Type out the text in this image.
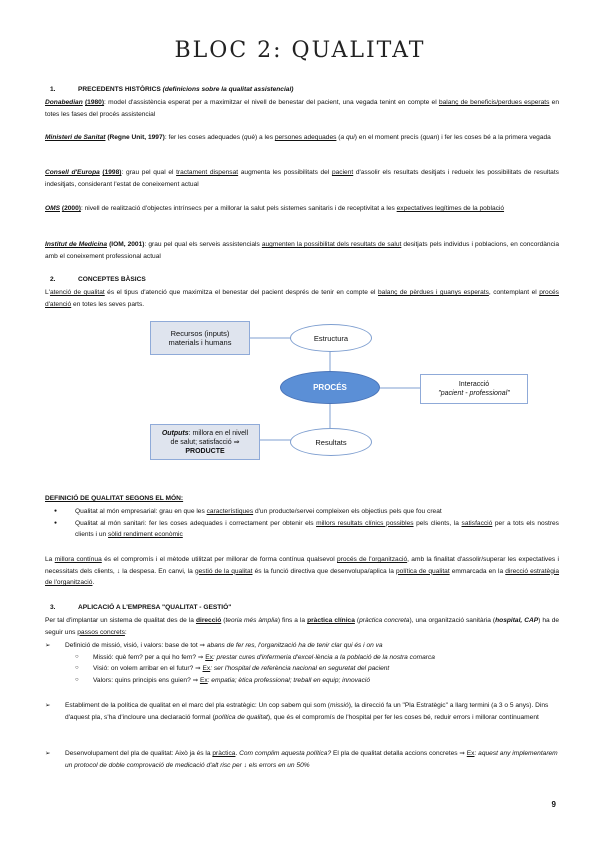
BLOC 2: QUALITAT
1.	PRECEDENTS HISTÒRICS (definicions sobre la qualitat assistencial)
Donabedian (1980): model d'assistència esperat per a maximitzar el nivell de benestar del pacient, una vegada tenint en compte el balanç de beneficis/perdues esperats en totes les fases del procés assistencial
Ministeri de Sanitat (Regne Unit, 1997): fer les coses adequades (què) a les persones adequades (a qui) en el moment precís (quan) i fer les coses bé a la primera vegada
Consell d'Europa (1998): grau pel qual el tractament dispensat augmenta les possibilitats del pacient d'assolir els resultats desitjats i redueix les possibilitats de resultats indesitjats, considerant l'estat de coneixement actual
OMS (2000): nivell de realització d'objectes intrínsecs per a millorar la salut pels sistemes sanitaris i de receptivitat a les expectatives legítimes de la població
Institut de Medicina (IOM, 2001): grau pel qual els serveis assistencials augmenten la possibilitat dels resultats de salut desitjats pels individus i poblacions, en concordància amb el coneixement professional actual
2.	CONCEPTES BÀSICS
L'atenció de qualitat és el tipus d'atenció que maximitza el benestar del pacient després de tenir en compte el balanç de pèrdues i guanys esperats, contemplant el procés d'atenció en totes les seves parts.
Recursos (inputs)
materials i humans	Estructura
PROCÉS	Interacció
"pacient - professional"
Outputs: millora en el nivell
de salut; satisfacció ⇒
PRODUCTE
Resultats
DEFINICIÓ DE QUALITAT SEGONS EL MÓN:
● Qualitat al món empresarial: grau en que les característiques d'un producte/servei compleixen els objectius pels que fou creat
● Qualitat al món sanitari: fer les coses adequades i correctament per obtenir els millors resultats clínics possibles pels clients, la satisfacció per a tots els nostres clients i un sòlid rendiment econòmic
La millora contínua és el compromís i el mètode utilitzat per millorar de forma contínua qualsevol procés de l'organització, amb la finalitat d'assolir/superar les expectatives i necessitats dels clients, ↓ la despesa. En canvi, la gestió de la qualitat és la funció directiva que desenvolupa/aplica la política de qualitat emmarcada en la direcció estratègia de l'organització.
3.	APLICACIÓ A L'EMPRESA "QUALITAT - GESTIÓ"
Per tal d'implantar un sistema de qualitat des de la direcció (teoria més àmplia) fins a la pràctica clínica (pràctica concreta), una organització sanitària (hospital, CAP) ha de seguir uns passos concrets:
➢ Definició de missió, visió, i valors: base de tot ⇒ abans de fer res, l'organització ha de tenir clar qui és i on va
○ Missió: què fem? per a qui ho fem? ⇒ Ex: prestar cures d'infermeria d'excel·lència a la població de la nostra comarca
○ Visió: on volem arribar en el futur? ⇒ Ex: ser l'hospital de referència nacional en seguretat del pacient
○ Valors: quins principis ens guien? ⇒ Ex: empatia; ètica professional; treball en equip; innovació
➢ Establiment de la política de qualitat en el marc del pla estratègic: Un cop sabem qui som (missió), la direcció fa un "Pla Estratègic" a llarg termini (a 3 o 5 anys). Dins d'aquest pla, s'ha d'incloure una declaració formal (política de qualitat), que és el compromís de l'hospital per fer les coses bé, reduir errors i millorar contínuament
➢ Desenvolupament del pla de qualitat: Això ja és la pràctica. Com complim aquesta política? El pla de qualitat detalla accions concretes ⇒ Ex: aquest any implementarem un protocol de doble comprovació de medicació d'alt risc per ↓ els errors en un 50%
9
